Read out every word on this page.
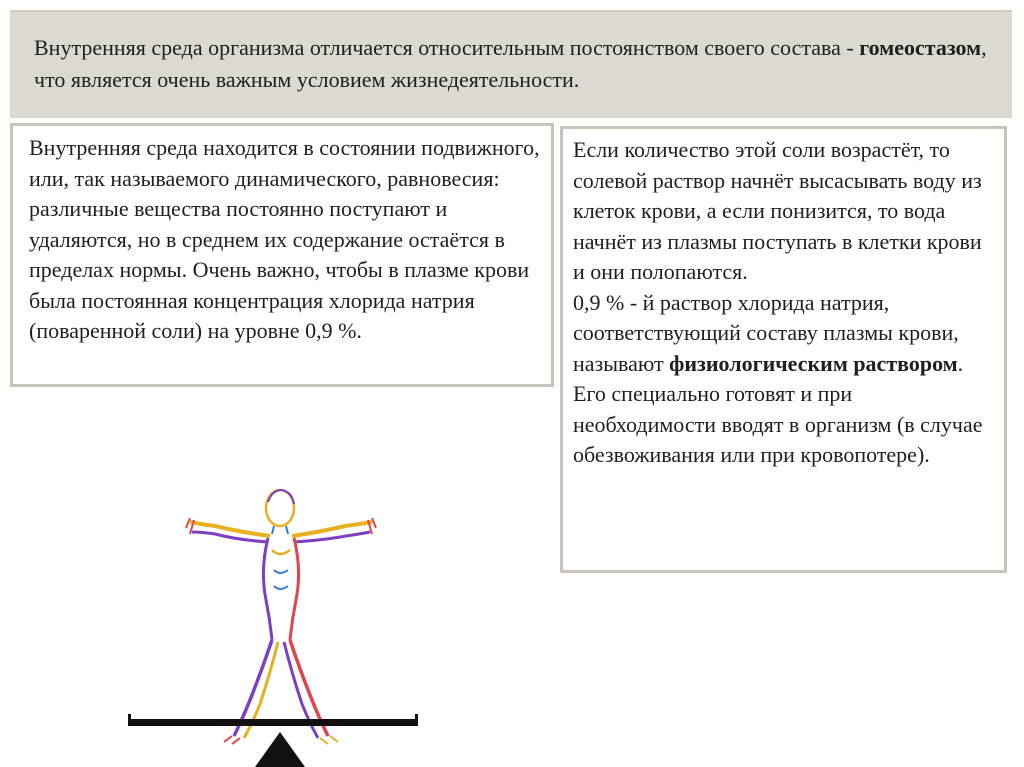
Внутренняя среда организма отличается относительным постоянством своего состава - гомеостазом, что является очень важным условием жизнедеятельности.
Внутренняя среда находится в состоянии подвижного, или, так называемого динамического, равновесия: различные вещества постоянно поступают и удаляются, но в среднем их содержание остаётся в пределах нормы. Очень важно, чтобы в плазме крови была постоянная концентрация хлорида натрия (поваренной соли) на уровне 0,9 %.
Если количество этой соли возрастёт, то солевой раствор начнёт высасывать воду из клеток крови, а если понизится, то вода начнёт из плазмы поступать в клетки крови и они полопаются.
0,9 % - й раствор хлорида натрия, соответствующий составу плазмы крови, называют физиологическим раствором.
Его специально готовят и при необходимости вводят в организм (в случае обезвоживания или при кровопотере).
